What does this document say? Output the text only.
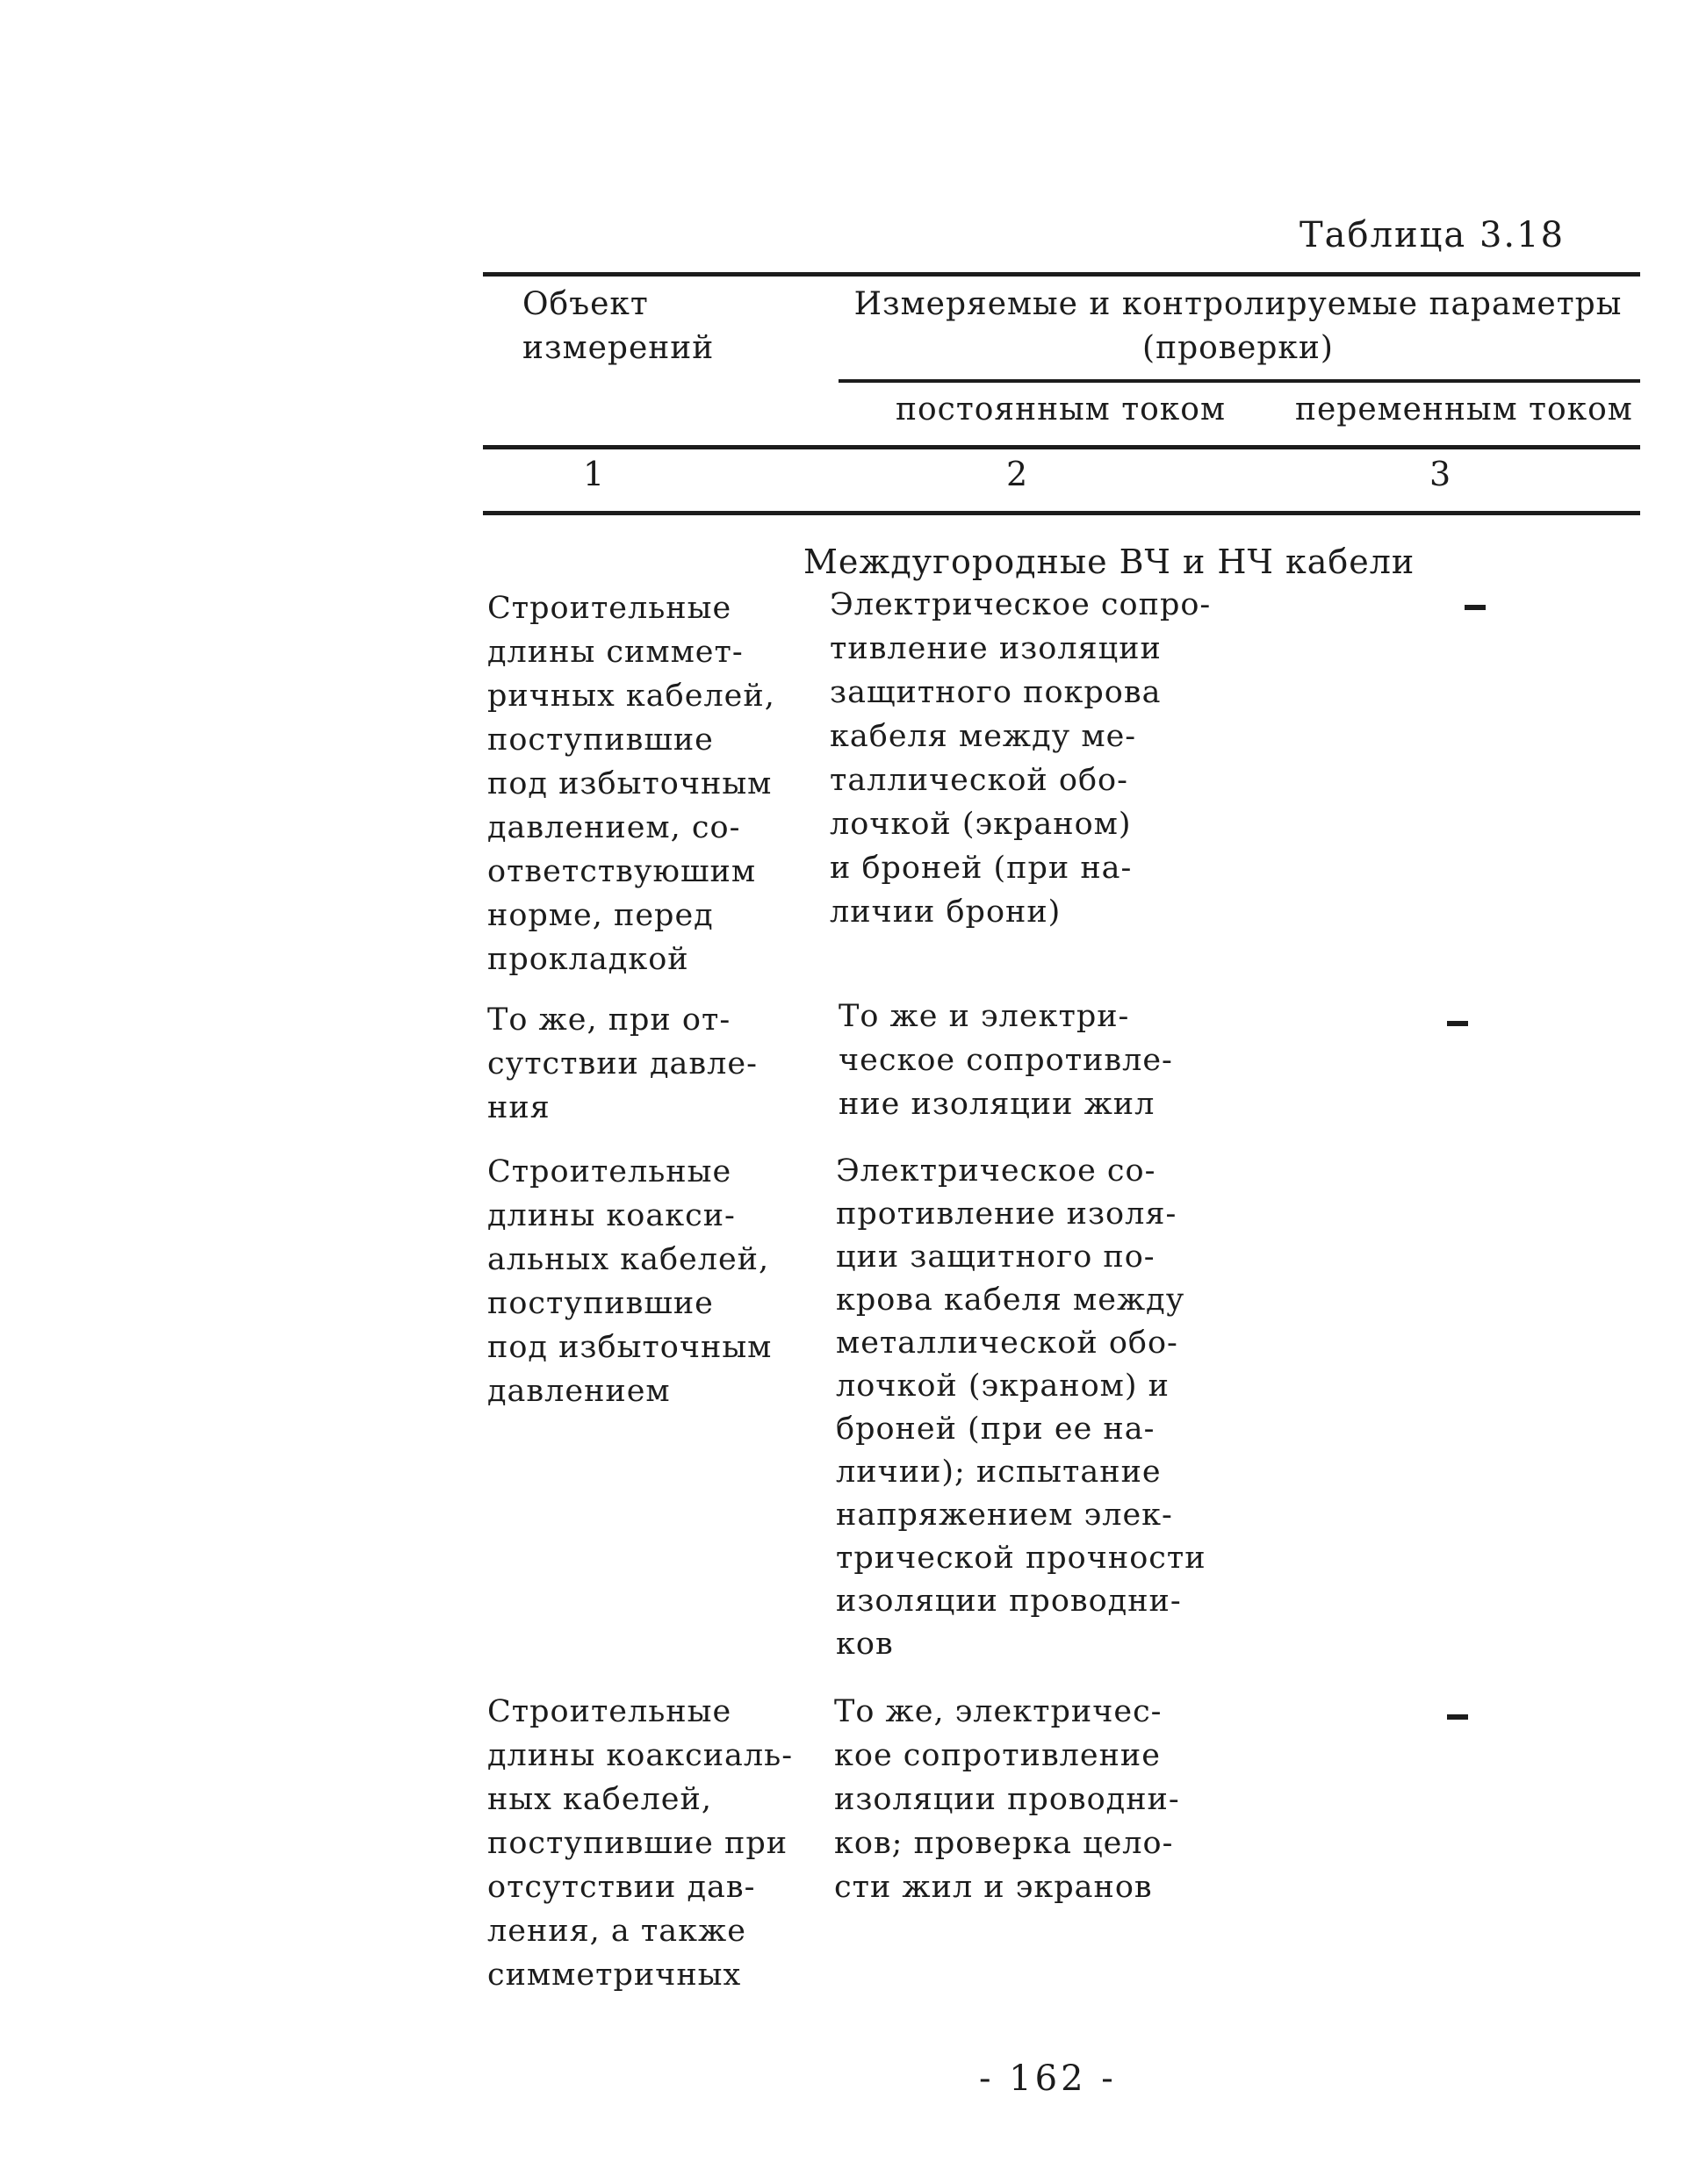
Таблица 3.18
Объект
измерений
Измеряемые и контролируемые параметры
(проверки)
постоянным током переменным током
1	2	3
Междугородные ВЧ и НЧ кабели
Строительные
длины симмет-
ричных кабелей,
поступившие
под избыточным
давлением, со-
ответствуюшим
норме, перед
прокладкой
Электрическое сопро-
тивление изоляции
защитного покрова
кабеля между ме-
таллической обо-
лочкой (экраном)
и броней (при на-
личии брони)
То же, при от-
сутствии давле-
ния
То же и электри-
ческое сопротивле-
ние изоляции жил
Строительные
длины коакси-
альных кабелей,
поступившие
под избыточным
давлением
Электрическое со-
противление изоля-
ции защитного по-
крова кабеля между
металлической обо-
лочкой (экраном) и
броней (при ее на-
личии); испытание
напряжением элек-
трической прочности
изоляции проводни-
ков
Строительные
длины коаксиаль-
ных кабелей,
поступившие при
отсутствии дав-
ления, а также
симметричных
То же, электричес-
кое сопротивление
изоляции проводни-
ков; проверка цело-
сти жил и экранов
- 162 -
